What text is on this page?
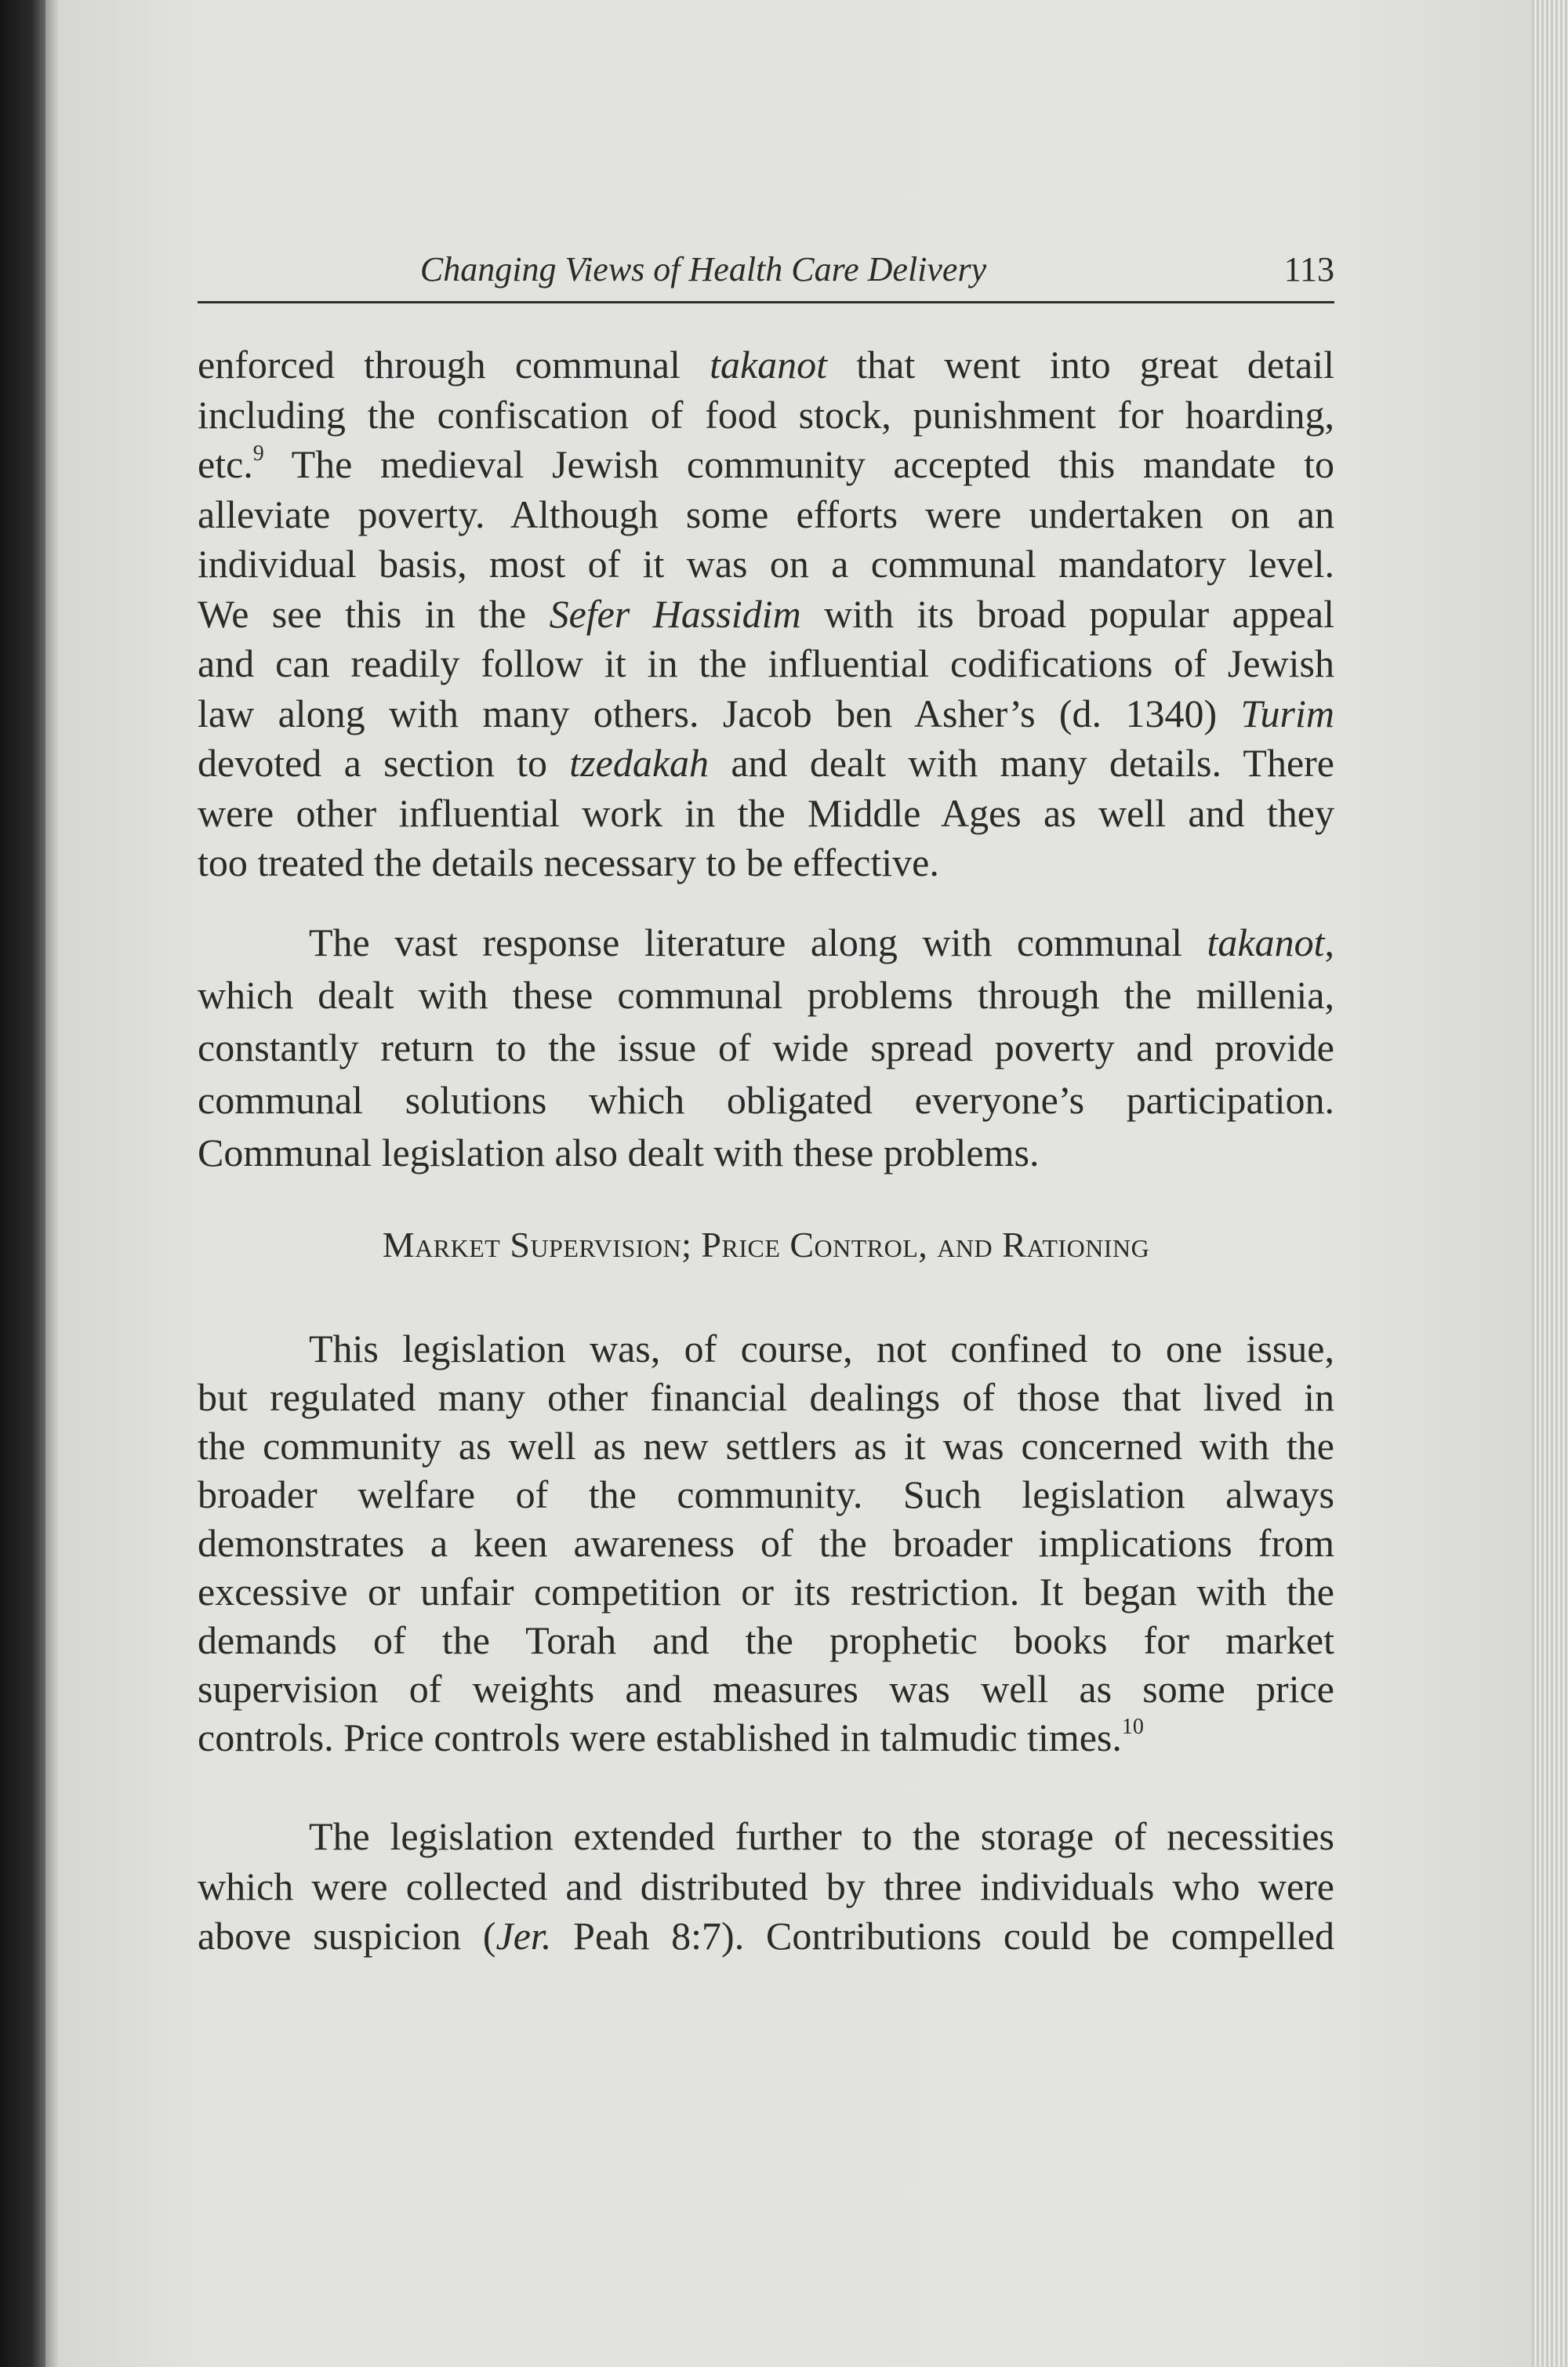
Changing Views of Health Care Delivery	113
enforced through communal takanot that went into great detail
including the confiscation of food stock, punishment for hoarding,
etc.$^9$ The medieval Jewish community accepted this mandate to
alleviate poverty. Although some efforts were undertaken on an
individual basis, most of it was on a communal mandatory level.
We see this in the Sefer Hassidim with its broad popular appeal
and can readily follow it in the influential codifications of Jewish
law along with many others. Jacob ben Asher’s (d. 1340) Turim
devoted a section to tzedakah and dealt with many details. There
were other influential work in the Middle Ages as well and they
too treated the details necessary to be effective.
The vast response literature along with communal takanot,
which dealt with these communal problems through the millenia,
constantly return to the issue of wide spread poverty and provide
communal solutions which obligated everyone’s participation.
Communal legislation also dealt with these problems.
Market Supervision; Price Control, and Rationing
This legislation was, of course, not confined to one issue,
but regulated many other financial dealings of those that lived in
the community as well as new settlers as it was concerned with the
broader welfare of the community. Such legislation always
demonstrates a keen awareness of the broader implications from
excessive or unfair competition or its restriction. It began with the
demands of the Torah and the prophetic books for market
supervision of weights and measures was well as some price
controls. Price controls were established in talmudic times.$^{10}$
The legislation extended further to the storage of necessities
which were collected and distributed by three individuals who were
above suspicion (Jer. Peah 8:7). Contributions could be compelled
